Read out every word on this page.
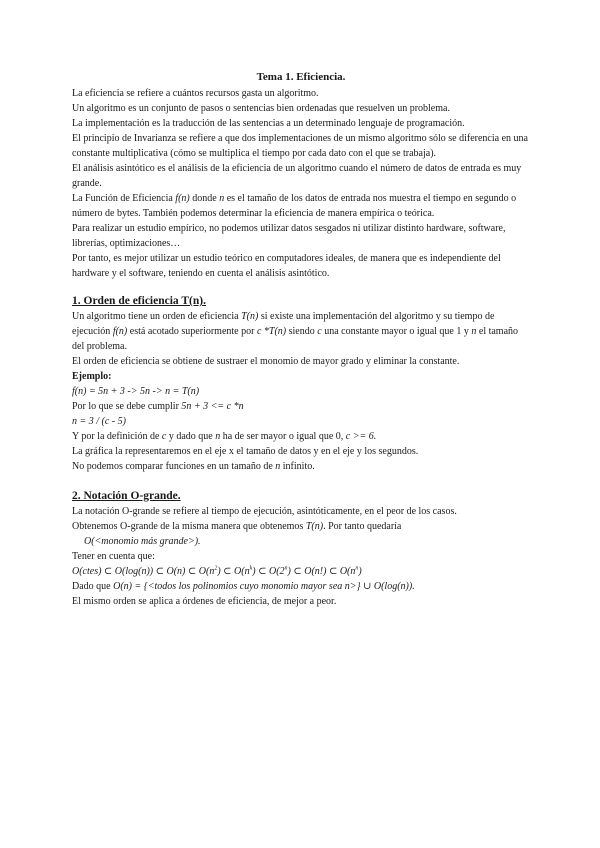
Tema 1. Eficiencia.

La eficiencia se refiere a cuántos recursos gasta un algoritmo.

Un algoritmo es un conjunto de pasos o sentencias bien ordenadas que resuelven un problema.

La implementación es la traducción de las sentencias a un determinado lenguaje de programación.

El principio de Invarianza se refiere a que dos implementaciones de un mismo algoritmo sólo se diferencia en una constante multiplicativa (cómo se multiplica el tiempo por cada dato con el que se trabaja).

El análisis asintótico es el análisis de la eficiencia de un algoritmo cuando el número de datos de entrada es muy grande.

La Función de Eficiencia f(n) donde n es el tamaño de los datos de entrada nos muestra el tiempo en segundo o número de bytes. También podemos determinar la eficiencia de manera empírica o teórica.

Para realizar un estudio empírico, no podemos utilizar datos sesgados ni utilizar distinto hardware, software, librerías, optimizaciones…

Por tanto, es mejor utilizar un estudio teórico en computadores ideales, de manera que es independiente del hardware y el software, teniendo en cuenta el análisis asintótico.

1. Orden de eficiencia T(n).

Un algoritmo tiene un orden de eficiencia T(n) si existe una implementación del algoritmo y su tiempo de ejecución f(n) está acotado superiormente por c *T(n) siendo c una constante mayor o igual que 1 y n el tamaño del problema.

El orden de eficiencia se obtiene de sustraer el monomio de mayor grado y eliminar la constante.

Ejemplo:

f(n) = 5n + 3 -> 5n -> n = T(n)

Por lo que se debe cumplir 5n + 3 <= c *n

n = 3 / (c - 5)

Y por la definición de c y dado que n ha de ser mayor o igual que 0, c >= 6.

La gráfica la representaremos en el eje x el tamaño de datos y en el eje y los segundos.

No podemos comparar funciones en un tamaño de n infinito.

2. Notación O-grande.

La notación O-grande se refiere al tiempo de ejecución, asintóticamente, en el peor de los casos.

Obtenemos O-grande de la misma manera que obtenemos T(n). Por tanto quedaría

O(<monomio más grande>).

Tener en cuenta que:

O(ctes) ⊂ O(log(n)) ⊂ O(n) ⊂ $O(n^2)$ ⊂ $O(n^k)$ ⊂ O(2$^n$) ⊂ O(n!) ⊂ $O(n^n)$

Dado que O(n) = {<todos los polinomios cuyo monomio mayor sea n>} ∪ O(log(n)).

El mismo orden se aplica a órdenes de eficiencia, de mejor a peor.
